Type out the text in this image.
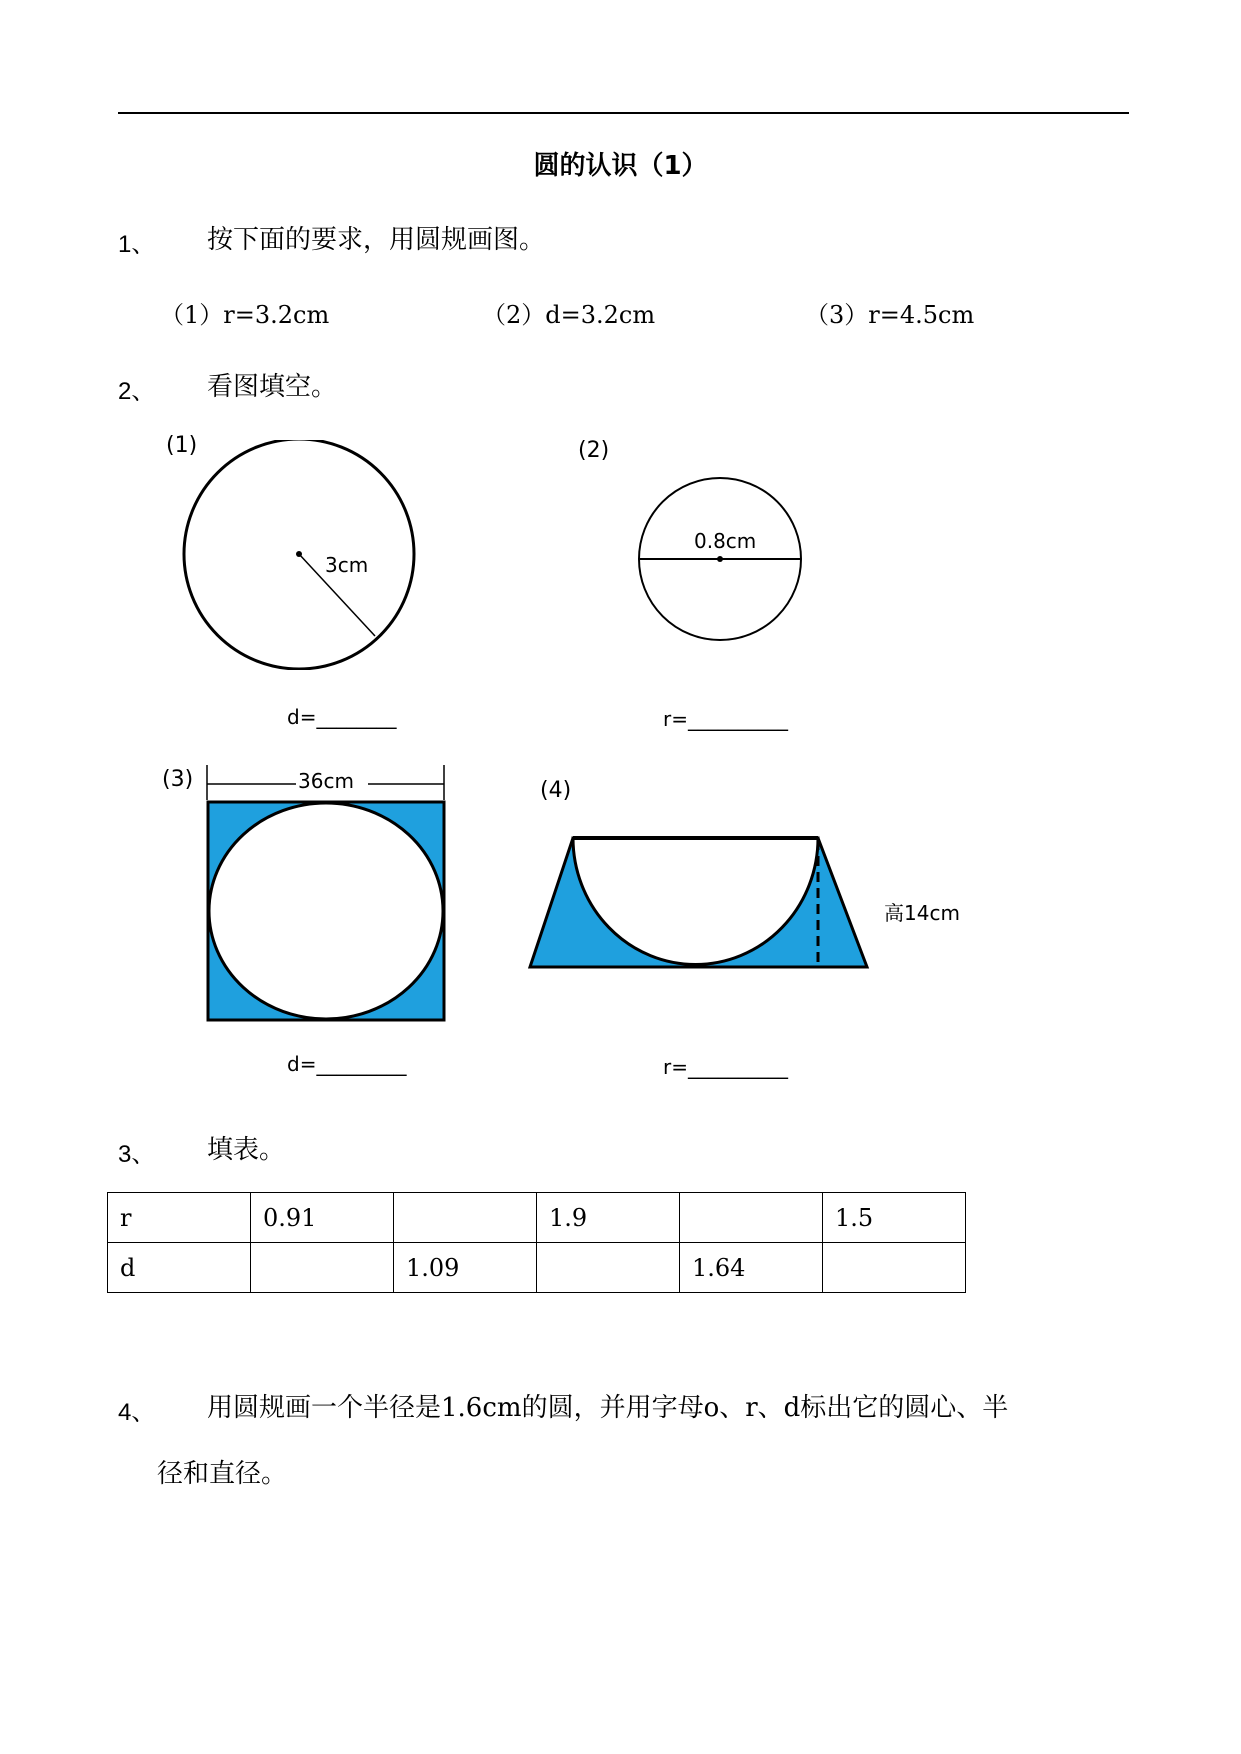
圆的认识（1）
1、 按下面的要求，用圆规画图。
（1）r=3.2cm	（2）d=3.2cm	（3）r=4.5cm
2、 看图填空。
(1)
3cm
d=________
(2)
0.8cm
r=__________
(3)	36cm
d=_________
(4)
高14cm
r=__________
3、 填表。
r	0.91		1.9		1.5
d		1.09		1.64	
4、 用圆规画一个半径是1.6cm的圆，并用字母o、r、d标出它的圆心、半
径和直径。
